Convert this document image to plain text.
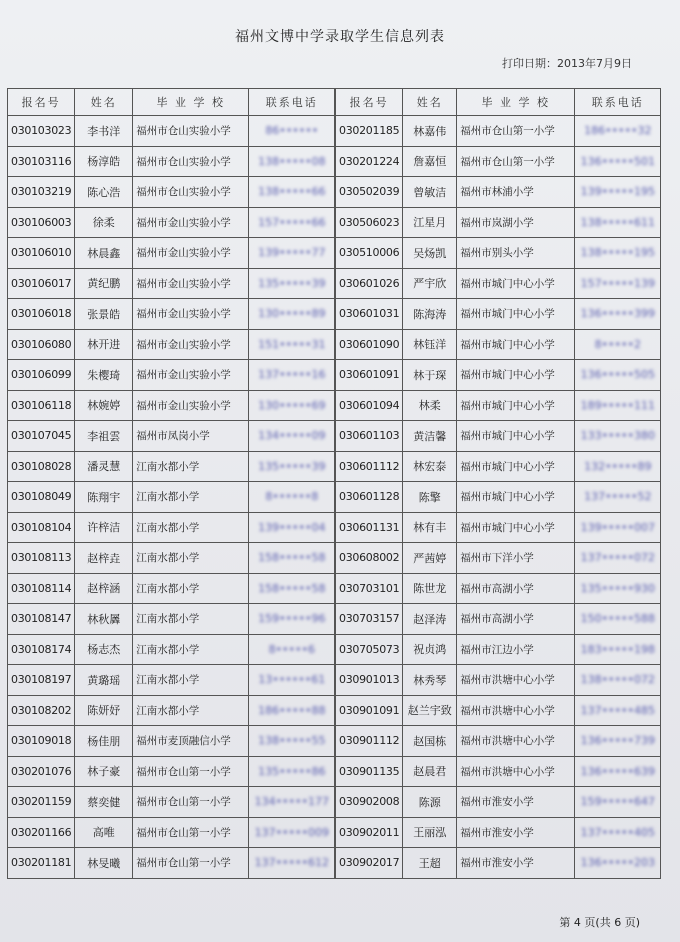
福州文博中学录取学生信息列表
打印日期：2013年7月9日
报名号	姓名	毕 业 学 校	联系电话
030103023	李书洋	福州市仓山实验小学	86••••••
030103116	杨淳皓	福州市仓山实验小学	138•••••08
030103219	陈心浩	福州市仓山实验小学	138•••••66
030106003	徐柔	福州市金山实验小学	157•••••66
030106010	林晨鑫	福州市金山实验小学	139•••••77
030106017	黄纪鹏	福州市金山实验小学	135•••••39
030106018	张景皓	福州市金山实验小学	130•••••89
030106080	林开进	福州市金山实验小学	151•••••31
030106099	朱樱琦	福州市金山实验小学	137•••••16
030106118	林婉婷	福州市金山实验小学	130•••••69
030107045	李祖雲	福州市凤岗小学	134•••••09
030108028	潘灵慧	江南水都小学	135•••••39
030108049	陈翔宇	江南水都小学	8••••••8
030108104	许梓洁	江南水都小学	139•••••04
030108113	赵梓垚	江南水都小学	158•••••58
030108114	赵梓涵	江南水都小学	158•••••58
030108147	林秋羼	江南水都小学	159•••••96
030108174	杨志杰	江南水都小学	8•••••6
030108197	黄璐瑶	江南水都小学	13••••••61
030108202	陈妍妤	江南水都小学	186•••••88
030109018	杨佳朋	福州市麦顶融信小学	138•••••55
030201076	林子豪	福州市仓山第一小学	135•••••86
030201159	蔡奕健	福州市仓山第一小学	134•••••177
030201166	高唯	福州市仓山第一小学	137•••••009
030201181	林旻曦	福州市仓山第一小学	137•••••612
报名号	姓名	毕 业 学 校	联系电话
030201185	林嘉伟	福州市仓山第一小学	186•••••32
030201224	詹嘉恒	福州市仓山第一小学	136•••••501
030502039	曾敏洁	福州市林浦小学	139•••••195
030506023	江星月	福州市岚湖小学	138•••••611
030510006	吴炀凯	福州市别头小学	138•••••195
030601026	严宇欣	福州市城门中心小学	157•••••139
030601031	陈海涛	福州市城门中心小学	136•••••399
030601090	林钰洋	福州市城门中心小学	8•••••2
030601091	林于琛	福州市城门中心小学	136•••••505
030601094	林柔	福州市城门中心小学	189•••••111
030601103	黄洁馨	福州市城门中心小学	133•••••380
030601112	林宏泰	福州市城门中心小学	132•••••89
030601128	陈擎	福州市城门中心小学	137•••••52
030601131	林有丰	福州市城门中心小学	139•••••007
030608002	严茜婷	福州市下洋小学	137•••••072
030703101	陈世龙	福州市高湖小学	135•••••930
030703157	赵泽涛	福州市高湖小学	150•••••588
030705073	祝贞鸿	福州市江边小学	183•••••198
030901013	林秀琴	福州市洪塘中心小学	138•••••072
030901091	赵兰宇致	福州市洪塘中心小学	137•••••485
030901112	赵国栋	福州市洪塘中心小学	136•••••739
030901135	赵晨君	福州市洪塘中心小学	136•••••639
030902008	陈源	福州市淮安小学	159•••••647
030902011	王丽泓	福州市淮安小学	137•••••405
030902017	王超	福州市淮安小学	136•••••203
第 4 页(共 6 页)
